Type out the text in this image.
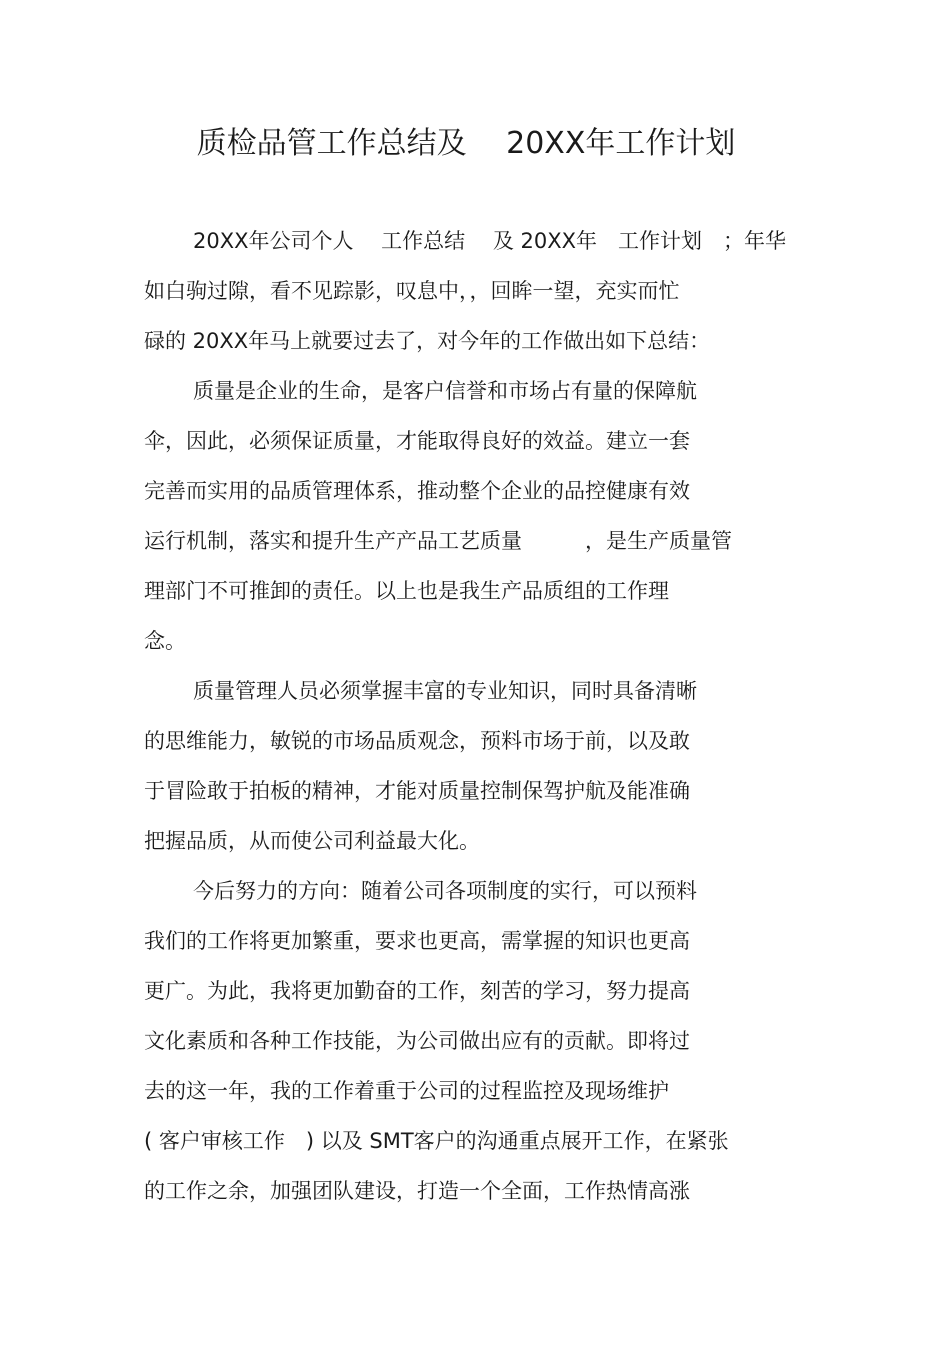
质检品管工作总结及　 20XX年工作计划
20XX年公司个人　 工作总结　 及 20XX年　工作计划　；年华
如白驹过隙，看不见踪影，叹息中，，回眸一望，充实而忙
碌的 20XX年马上就要过去了，对今年的工作做出如下总结：
质量是企业的生命，是客户信誉和市场占有量的保障航
伞，因此，必须保证质量，才能取得良好的效益。建立一套
完善而实用的品质管理体系，推动整个企业的品控健康有效
运行机制，落实和提升生产产品工艺质量　　　，是生产质量管
理部门不可推卸的责任。以上也是我生产品质组的工作理
念。
质量管理人员必须掌握丰富的专业知识，同时具备清晰
的思维能力，敏锐的市场品质观念，预料市场于前，以及敢
于冒险敢于拍板的精神，才能对质量控制保驾护航及能准确
把握品质，从而使公司利益最大化。
今后努力的方向：随着公司各项制度的实行，可以预料
我们的工作将更加繁重，要求也更高，需掌握的知识也更高
更广。为此，我将更加勤奋的工作，刻苦的学习，努力提高
文化素质和各种工作技能，为公司做出应有的贡献。即将过
去的这一年，我的工作着重于公司的过程监控及现场维护
( 客户审核工作　) 以及 SMT客户的沟通重点展开工作，在紧张
的工作之余，加强团队建设，打造一个全面，工作热情高涨
